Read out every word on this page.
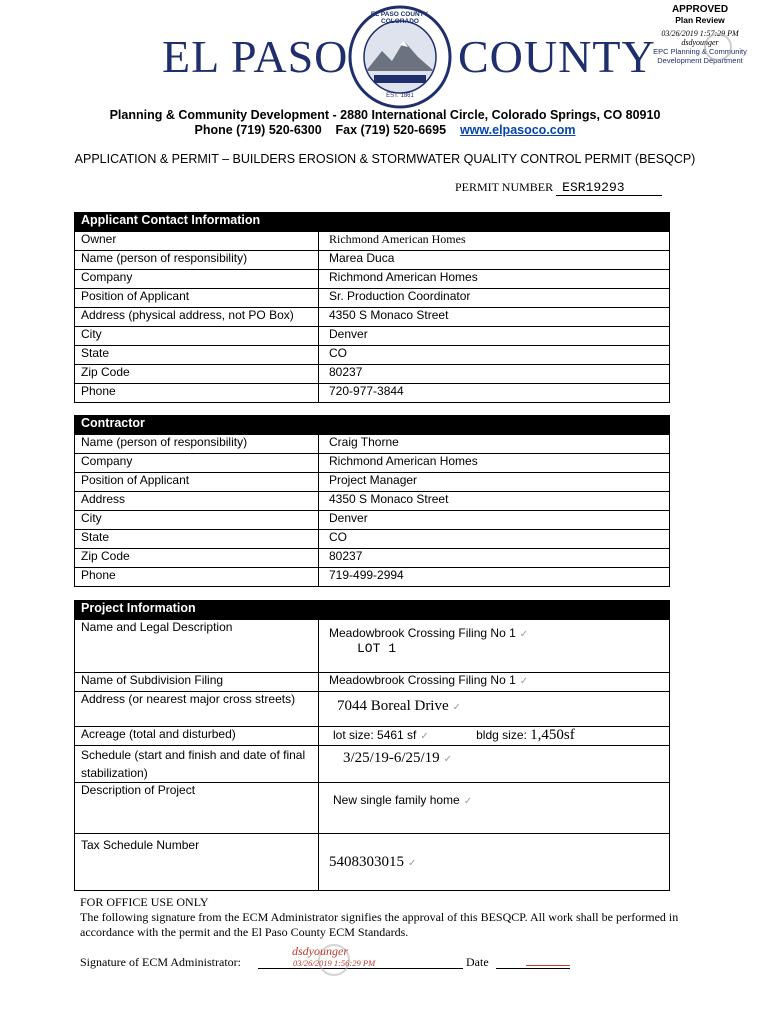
APPROVED
Plan Review
03/26/2019 1:57:29 PM
dsdyounger
EPC Planning & Community
Development Department
EL PASO
EL PASO COUNTY, COLORADO
EST. 1861
COUNTY
Planning & Community Development - 2880 International Circle, Colorado Springs, CO 80910
Phone (719) 520-6300    Fax (719) 520-6695 www.elpasoco.com
APPLICATION & PERMIT – BUILDERS EROSION & STORMWATER QUALITY CONTROL PERMIT (BESQCP)
PERMIT NUMBER ESR19293
Applicant Contact Information	
Owner	Richmond American Homes
Name (person of responsibility)	Marea Duca
Company	Richmond American Homes
Position of Applicant	Sr. Production Coordinator
Address (physical address, not PO Box)	4350 S Monaco Street
City	Denver
State	CO
Zip Code	80237
Phone	720-977-3844
Contractor	
Name (person of responsibility)	Craig Thorne
Company	Richmond American Homes
Position of Applicant	Project Manager
Address	4350 S Monaco Street
City	Denver
State	CO
Zip Code	80237
Phone	719-499-2994
Project Information	
Name and Legal Description	Meadowbrook Crossing Filing No 1 ✓
LOT 1

Name of Subdivision Filing	Meadowbrook Crossing Filing No 1 ✓
Address (or nearest major cross streets)	7044 Boreal Drive ✓
Acreage (total and disturbed)	lot size: 5461 sf ✓ bldg size: 1,450sf
Schedule (start and finish and date of final stabilization)	3/25/19-6/25/19 ✓
Description of Project	New single family home ✓
Tax Schedule Number	5408303015 ✓
FOR OFFICE USE ONLY
The following signature from the ECM Administrator signifies the approval of this BESQCP. All work shall be performed in accordance with the permit and the El Paso County ECM Standards.
Signature of ECM Administrator:	Date
dsdyounger
03/26/2019 1:56:29 PM
